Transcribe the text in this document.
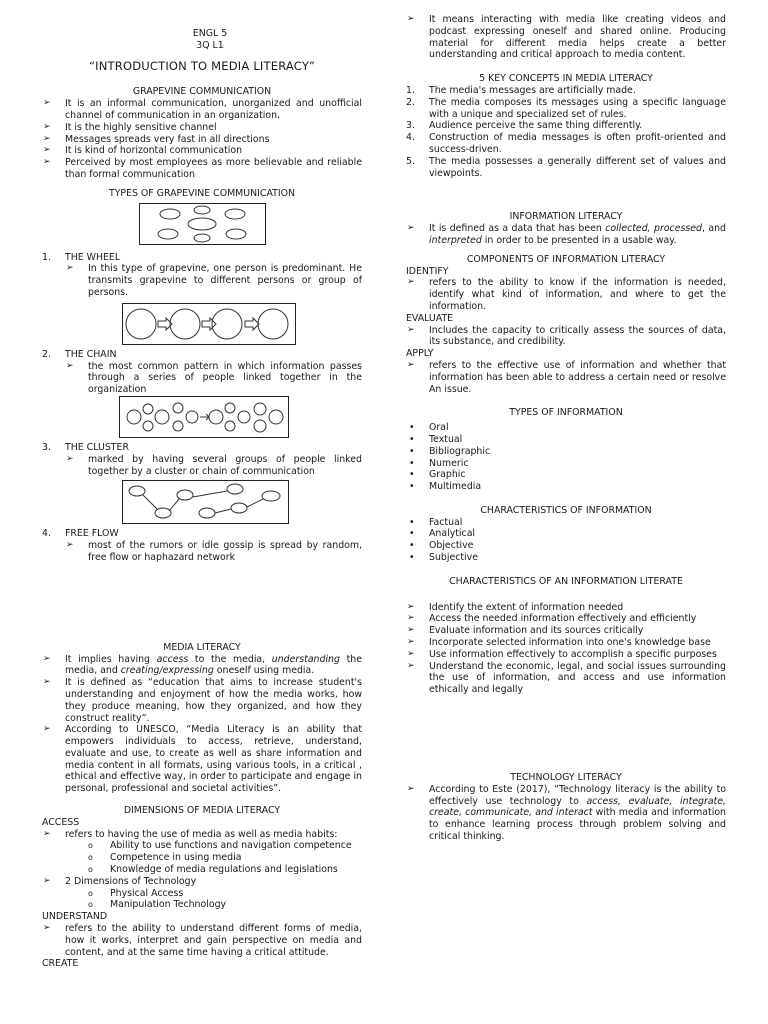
ENGL 5
3Q L1
“INTRODUCTION TO MEDIA LITERACY”
GRAPEVINE COMMUNICATION
➢ It is an informal communication, unorganized and unofficial channel of communication in an organization.
➢ It is the highly sensitive channel
➢ Messages spreads very fast in all directions
➢ It is kind of horizontal communication
➢ Perceived by most employees as more believable and reliable than formal communication
TYPES OF GRAPEVINE COMMUNICATION
1. THE WHEEL
➢ In this type of grapevine, one person is predominant. He transmits grapevine to different persons or group of persons.
2. THE CHAIN
➢ the most common pattern in which information passes through a series of people linked together in the organization
3. THE CLUSTER
➢ marked by having several groups of people linked together by a cluster or chain of communication
4. FREE FLOW
➢ most of the rumors or idle gossip is spread by random, free flow or haphazard network
MEDIA LITERACY
➢ It implies having access to the media, understanding the media, and creating/expressing oneself using media.
➢ It is defined as “education that aims to increase student's understanding and enjoyment of how the media works, how they produce meaning, how they organized, and how they construct reality”.
➢ According to UNESCO, “Media Literacy is an ability that empowers individuals to access, retrieve, understand, evaluate and use, to create as well as share information and media content in all formats, using various tools, in a critical , ethical and effective way, in order to participate and engage in personal, professional and societal activities”.
DIMENSIONS OF MEDIA LITERACY
ACCESS
➢ refers to having the use of media as well as media habits:
o Ability to use functions and navigation competence
o Competence in using media
o Knowledge of media regulations and legislations
➢ 2 Dimensions of Technology
o Physical Access
o Manipulation Technology
UNDERSTAND
➢ refers to the ability to understand different forms of media, how it works, interpret and gain perspective on media and content, and at the same time having a critical attitude.
CREATE
➢ It means interacting with media like creating videos and podcast expressing oneself and shared online. Producing material for different media helps create a better understanding and critical approach to media content.
5 KEY CONCEPTS IN MEDIA LITERACY
1. The media's messages are artificially made.
2. The media composes its messages using a specific language with a unique and specialized set of rules.
3. Audience perceive the same thing differently.
4. Construction of media messages is often profit-oriented and success-driven.
5. The media possesses a generally different set of values and viewpoints.
INFORMATION LITERACY
➢ It is defined as a data that has been collected, processed, and interpreted in order to be presented in a usable way.
COMPONENTS OF INFORMATION LITERACY
IDENTIFY
➢ refers to the ability to know if the information is needed, identify what kind of information, and where to get the information.
EVALUATE
➢ Includes the capacity to critically assess the sources of data, its substance, and credibility.
APPLY
➢ refers to the effective use of information and whether that information has been able to address a certain need or resolve An issue.
TYPES OF INFORMATION
• Oral
• Textual
• Bibliographic
• Numeric
• Graphic
• Multimedia
CHARACTERISTICS OF INFORMATION
• Factual
• Analytical
• Objective
• Subjective
CHARACTERISTICS OF AN INFORMATION LITERATE
➢ Identify the extent of information needed
➢ Access the needed information effectively and efficiently
➢ Evaluate information and its sources critically
➢ Incorporate selected information into one's knowledge base
➢ Use information effectively to accomplish a specific purposes
➢ Understand the economic, legal, and social issues surrounding the use of information, and access and use information ethically and legally
TECHNOLOGY LITERACY
➢ According to Este (2017), “Technology literacy is the ability to effectively use technology to access, evaluate, integrate, create, communicate, and interact with media and information to enhance learning process through problem solving and critical thinking.
